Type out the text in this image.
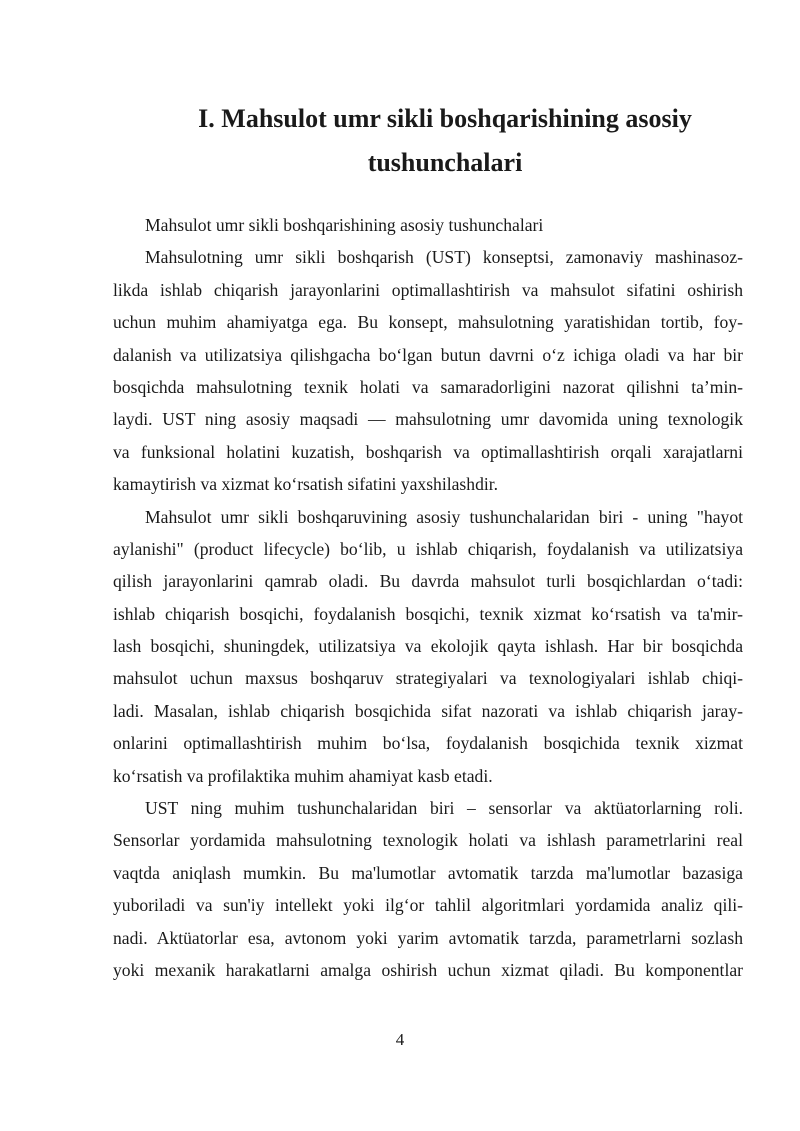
I. Mahsulot umr sikli boshqarishining asosiy
tushunchalari
Mahsulot umr sikli boshqarishining asosiy tushunchalari
Mahsulotning umr sikli boshqarish (UST) konseptsi, zamonaviy mashinasoz-
likda ishlab chiqarish jarayonlarini optimallashtirish va mahsulot sifatini oshirish
uchun muhim ahamiyatga ega. Bu konsept, mahsulotning yaratishidan tortib, foy-
dalanish va utilizatsiya qilishgacha bo‘lgan butun davrni o‘z ichiga oladi va har bir
bosqichda mahsulotning texnik holati va samaradorligini nazorat qilishni ta’min-
laydi. UST ning asosiy maqsadi — mahsulotning umr davomida uning texnologik
va funksional holatini kuzatish, boshqarish va optimallashtirish orqali xarajatlarni
kamaytirish va xizmat ko‘rsatish sifatini yaxshilashdir.
Mahsulot umr sikli boshqaruvining asosiy tushunchalaridan biri - uning "hayot
aylanishi" (product lifecycle) bo‘lib, u ishlab chiqarish, foydalanish va utilizatsiya
qilish jarayonlarini qamrab oladi. Bu davrda mahsulot turli bosqichlardan o‘tadi:
ishlab chiqarish bosqichi, foydalanish bosqichi, texnik xizmat ko‘rsatish va ta'mir-
lash bosqichi, shuningdek, utilizatsiya va ekolojik qayta ishlash. Har bir bosqichda
mahsulot uchun maxsus boshqaruv strategiyalari va texnologiyalari ishlab chiqi-
ladi. Masalan, ishlab chiqarish bosqichida sifat nazorati va ishlab chiqarish jaray-
onlarini optimallashtirish muhim bo‘lsa, foydalanish bosqichida texnik xizmat
ko‘rsatish va profilaktika muhim ahamiyat kasb etadi.
UST ning muhim tushunchalaridan biri – sensorlar va aktüatorlarning roli.
Sensorlar yordamida mahsulotning texnologik holati va ishlash parametrlarini real
vaqtda aniqlash mumkin. Bu ma'lumotlar avtomatik tarzda ma'lumotlar bazasiga
yuboriladi va sun'iy intellekt yoki ilg‘or tahlil algoritmlari yordamida analiz qili-
nadi. Aktüatorlar esa, avtonom yoki yarim avtomatik tarzda, parametrlarni sozlash
yoki mexanik harakatlarni amalga oshirish uchun xizmat qiladi. Bu komponentlar
4
